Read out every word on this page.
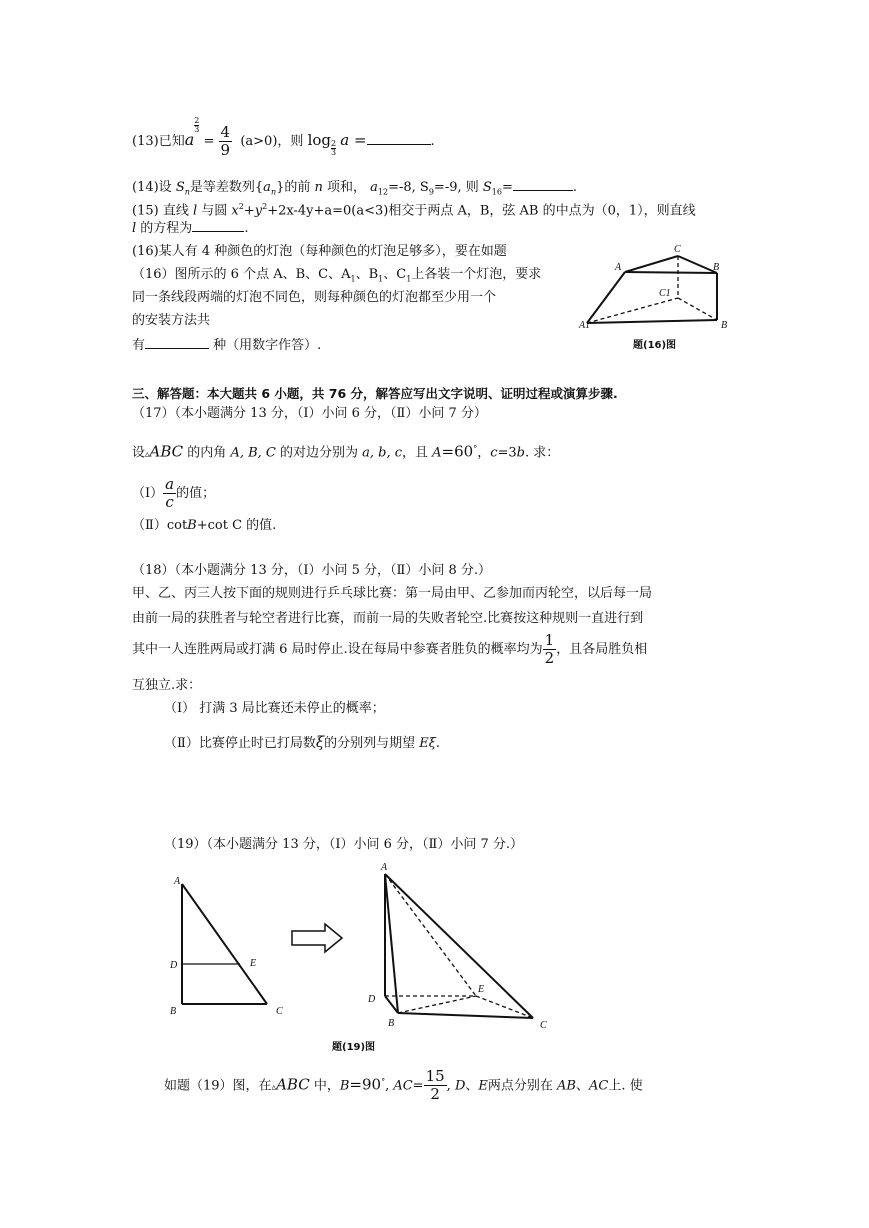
(13)已知a
$\frac{2}{3}$
= $\frac{4}{9} (a>0)$，则 $\log \frac{2}{3}$ a =	.
(14)设 $S_n$是等差数列$\{a_n\}$的前 n 项和， $a_{12}=-8$, $S_9=-9$, 则 $S_{16}=$	.
(15) 直线 l 与圆 $x^2+y^2+2x-4y+a=0(a<3)$相交于两点 A，B，弦 AB 的中点为（0，1），则直线
l 的方程为	.
(16)某人有 4 种颜色的灯泡（每种颜色的灯泡足够多），要在如题
（16）图所示的 6 个点 A、B、C、$A_1$、$B_1$、$C_1$上各装一个灯泡，要求
同一条线段两端的灯泡不同色，则每种颜色的灯泡都至少用一个
的安装方法共
有	种（用数字作答）.
A
C
B
C1
A1	B
题(16)图
三、解答题：本大题共 6 小题，共 76 分，解答应写出文字说明、证明过程或演算步骤.
（17）（本小题满分 13 分，（Ⅰ）小问 6 分，（Ⅱ）小问 7 分）
设▵ABC 的内角 A, B, C 的对边分别为 a, b, c，且 A=60°，c=3b. 求：
（Ⅰ） $\frac{a}{c}$ 的值；
（Ⅱ）cotB+cot C 的值.
（18）（本小题满分 13 分，（Ⅰ）小问 5 分，（Ⅱ）小问 8 分.）
甲、乙、丙三人按下面的规则进行乒乓球比赛：第一局由甲、乙参加而丙轮空，以后每一局
由前一局的获胜者与轮空者进行比赛，而前一局的失败者轮空.比赛按这种规则一直进行到
其中一人连胜两局或打满 6 局时停止.设在每局中参赛者胜负的概率均为 $\frac{1}{2}$ ，且各局胜负相
互独立.求：
（Ⅰ） 打满 3 局比赛还未停止的概率；
（Ⅱ）比赛停止时已打局数ξ的分别列与期望 Eξ.
（19）（本小题满分 13 分，（Ⅰ）小问 6 分，（Ⅱ）小问 7 分.）
A
D	E
B	C
A
D
E
B	C
题(19)图
如题（19）图，在▵ABC 中，B=90°, $AC= \frac{15}{2}$ , D、E两点分别在 AB、AC上. 使
